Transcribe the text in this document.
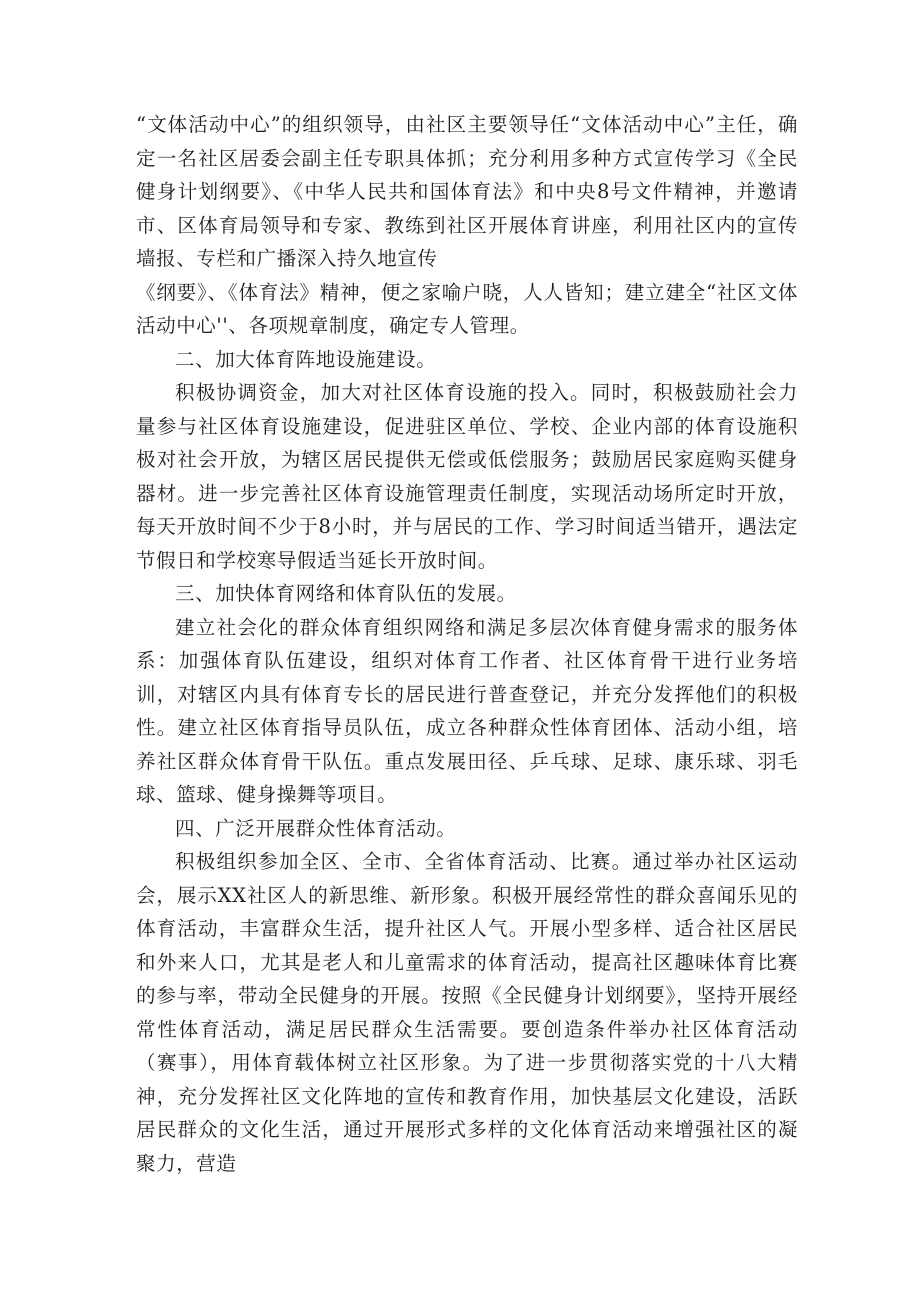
“文体活动中心”的组织领导，由社区主要领导任“文体活动中心”主任，确定一名社区居委会副主任专职具体抓；充分利用多种方式宣传学习《全民健身计划纲要》、《中华人民共和国体育法》和中央8号文件精神，并邀请市、区体育局领导和专家、教练到社区开展体育讲座，利用社区内的宣传墙报、专栏和广播深入持久地宣传

《纲要》、《体育法》精神，便之家喻户晓，人人皆知；建立建全“社区文体活动中心''、各项规章制度，确定专人管理。

二、加大体育阵地设施建设。

积极协调资金，加大对社区体育设施的投入。同时，积极鼓励社会力量参与社区体育设施建设，促进驻区单位、学校、企业内部的体育设施积极对社会开放，为辖区居民提供无偿或低偿服务；鼓励居民家庭购买健身器材。进一步完善社区体育设施管理责任制度，实现活动场所定时开放，每天开放时间不少于8小时，并与居民的工作、学习时间适当错开，遇法定节假日和学校寒导假适当延长开放时间。

三、加快体育网络和体育队伍的发展。

建立社会化的群众体育组织网络和满足多层次体育健身需求的服务体系：加强体育队伍建设，组织对体育工作者、社区体育骨干进行业务培训，对辖区内具有体育专长的居民进行普查登记，并充分发挥他们的积极性。建立社区体育指导员队伍，成立各种群众性体育团体、活动小组，培养社区群众体育骨干队伍。重点发展田径、乒乓球、足球、康乐球、羽毛球、篮球、健身操舞等项目。

四、广泛开展群众性体育活动。

积极组织参加全区、全市、全省体育活动、比赛。通过举办社区运动会，展示XX社区人的新思维、新形象。积极开展经常性的群众喜闻乐见的体育活动，丰富群众生活，提升社区人气。开展小型多样、适合社区居民和外来人口，尤其是老人和儿童需求的体育活动，提高社区趣味体育比赛的参与率，带动全民健身的开展。按照《全民健身计划纲要》，坚持开展经常性体育活动，满足居民群众生活需要。要创造条件举办社区体育活动（赛事），用体育载体树立社区形象。为了进一步贯彻落实党的十八大精神，充分发挥社区文化阵地的宣传和教育作用，加快基层文化建设，活跃居民群众的文化生活，通过开展形式多样的文化体育活动来增强社区的凝聚力，营造
